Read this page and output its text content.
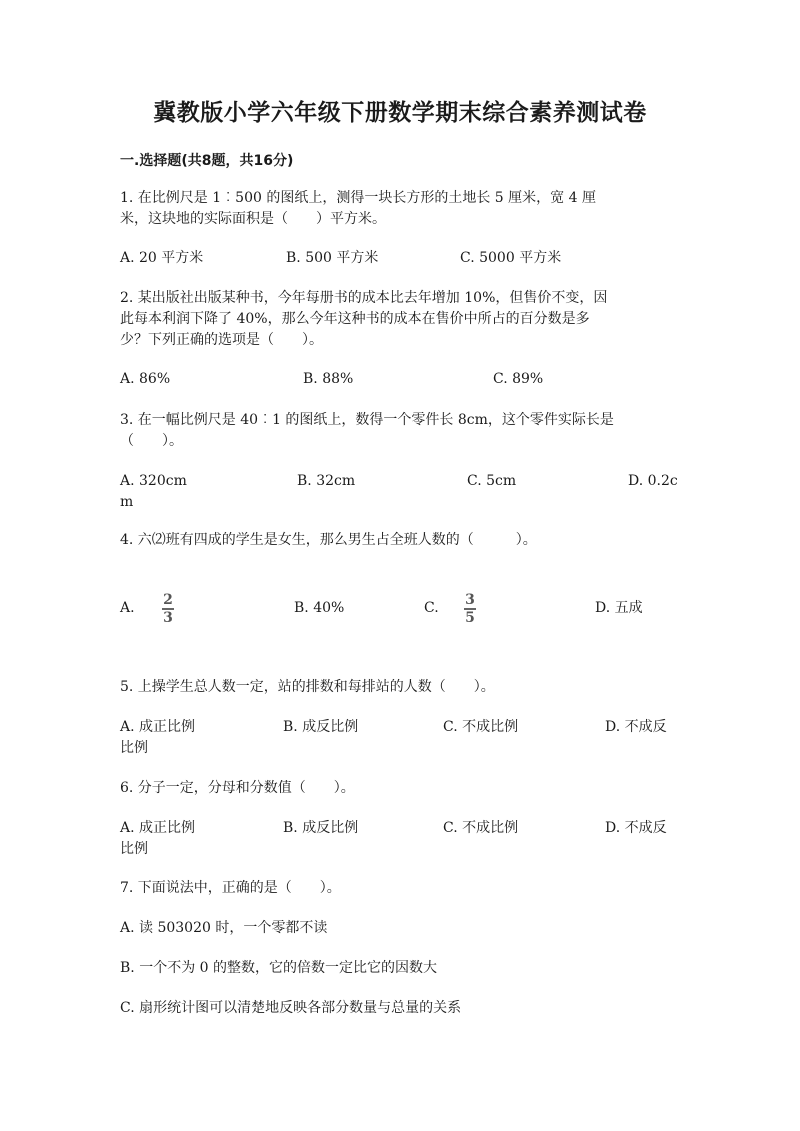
冀教版小学六年级下册数学期末综合素养测试卷
一.选择题(共8题，共16分)
1. 在比例尺是 1︰500 的图纸上，测得一块长方形的土地长 5 厘米，宽 4 厘
米，这块地的实际面积是（　　）平方米。
A. 20 平方米	B. 500 平方米	C. 5000 平方米
2. 某出版社出版某种书，今年每册书的成本比去年增加 10%，但售价不变，因
此每本利润下降了 40%，那么今年这种书的成本在售价中所占的百分数是多
少？下列正确的选项是（　　）。
A. 86%	B. 88%	C. 89%
3. 在一幅比例尺是 40︰1 的图纸上，数得一个零件长 8cm，这个零件实际长是
（　　）。
A. 320cm	B. 32cm	C. 5cm	D. 0.2c
m
4. 六⑵班有四成的学生是女生，那么男生占全班人数的（　　　）。
A. 2
3
B. 40%	C. 3
5
D. 五成
5. 上操学生总人数一定，站的排数和每排站的人数（　　）。
A. 成正比例	B. 成反比例	C. 不成比例	D. 不成反
比例
6. 分子一定，分母和分数值（　　）。
A. 成正比例	B. 成反比例	C. 不成比例	D. 不成反
比例
7. 下面说法中，正确的是（　　）。
A. 读 503020 时，一个零都不读
B. 一个不为 0 的整数，它的倍数一定比它的因数大
C. 扇形统计图可以清楚地反映各部分数量与总量的关系
